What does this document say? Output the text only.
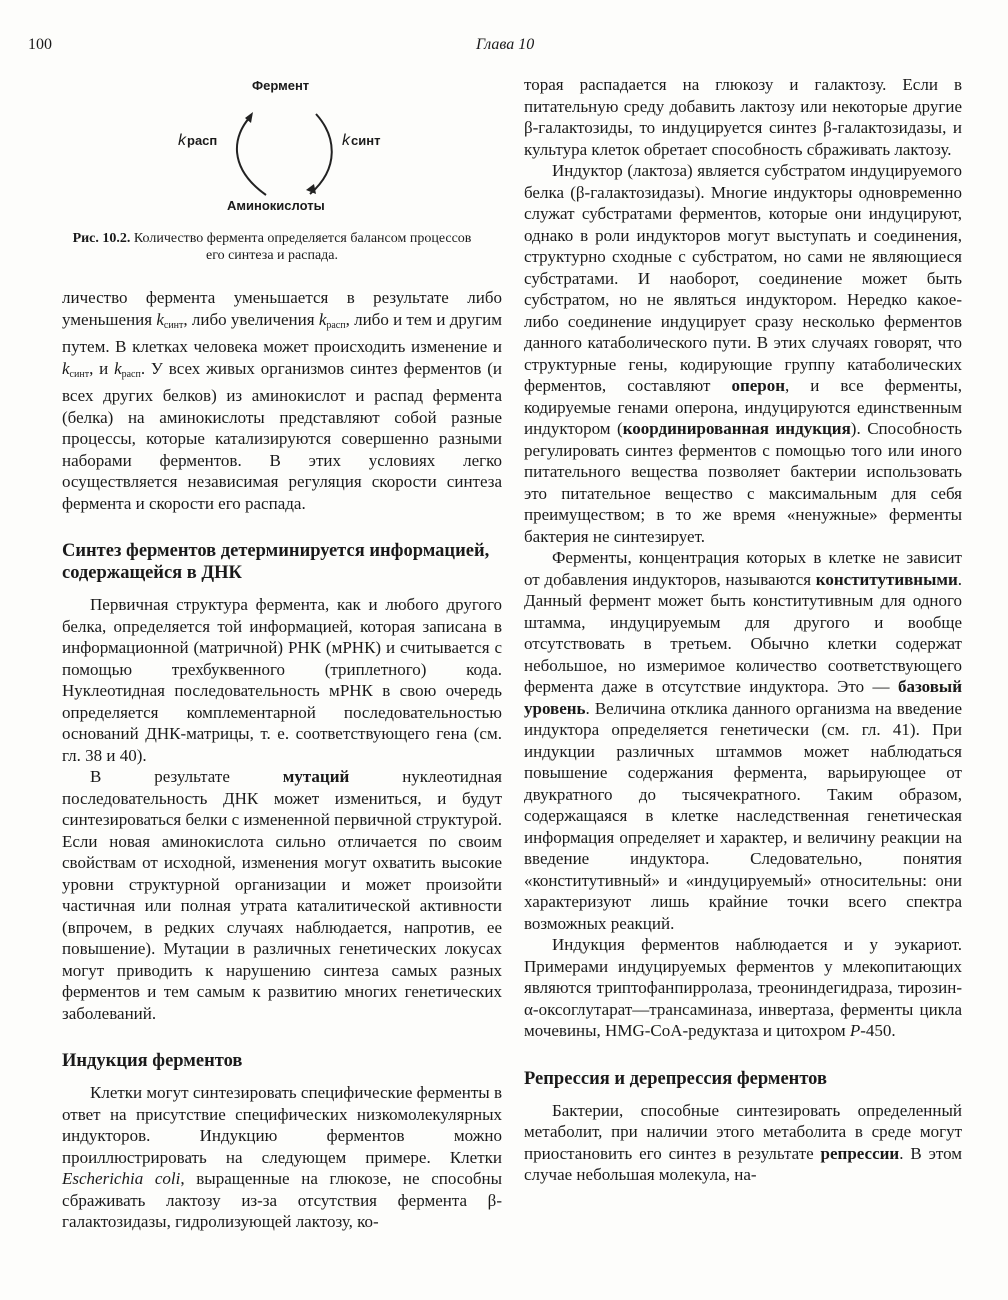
100	Глава 10
Фермент
Аминокислоты
kрасп	kсинт
Рис. 10.2. Количество фермента определяется балансом процессов его синтеза и распада.

личество фермента уменьшается в результате либо уменьшения $k_{синт}$, либо увеличения $k_{расп}$, либо и тем и другим путем. В клетках человека может происходить изменение и $k_{синт}$, и $k_{расп}$. У всех живых организмов синтез ферментов (и всех других белков) из аминокислот и распад фермента (белка) на аминокислоты представляют собой разные процессы, которые катализируются совершенно разными наборами ферментов. В этих условиях легко осуществляется независимая регуляция скорости синтеза фермента и скорости его распада.

Синтез ферментов детерминируется информацией, содержащейся в ДНК

Первичная структура фермента, как и любого другого белка, определяется той информацией, которая записана в информационной (матричной) РНК (мРНК) и считывается с помощью трехбуквенного (триплетного) кода. Нуклеотидная последовательность мРНК в свою очередь определяется комплементарной последовательностью оснований ДНК-матрицы, т. е. соответствующего гена (см. гл. 38 и 40).

В результате мутаций нуклеотидная последовательность ДНК может измениться, и будут синтезироваться белки с измененной первичной структурой. Если новая аминокислота сильно отличается по своим свойствам от исходной, изменения могут охватить высокие уровни структурной организации и может произойти частичная или полная утрата каталитической активности (впрочем, в редких случаях наблюдается, напротив, ее повышение). Мутации в различных генетических локусах могут приводить к нарушению синтеза самых разных ферментов и тем самым к развитию многих генетических заболеваний.

Индукция ферментов

Клетки могут синтезировать специфические ферменты в ответ на присутствие специфических низкомолекулярных индукторов. Индукцию ферментов можно проиллюстрировать на следующем примере. Клетки Escherichia coli, выращенные на глюкозе, не способны сбраживать лактозу из-за отсутствия фермента β-галактозидазы, гидролизующей лактозу, ко-

торая распадается на глюкозу и галактозу. Если в питательную среду добавить лактозу или некоторые другие β-галактозиды, то индуцируется синтез β-галактозидазы, и культура клеток обретает способность сбраживать лактозу.

Индуктор (лактоза) является субстратом индуцируемого белка (β-галактозидазы). Многие индукторы одновременно служат субстратами ферментов, которые они индуцируют, однако в роли индукторов могут выступать и соединения, структурно сходные с субстратом, но сами не являющиеся субстратами. И наоборот, соединение может быть субстратом, но не являться индуктором. Нередко какое-либо соединение индуцирует сразу несколько ферментов данного катаболического пути. В этих случаях говорят, что структурные гены, кодирующие группу катаболических ферментов, составляют оперон, и все ферменты, кодируемые генами оперона, индуцируются единственным индуктором (координированная индукция). Способность регулировать синтез ферментов с помощью того или иного питательного вещества позволяет бактерии использовать это питательное вещество с максимальным для себя преимуществом; в то же время «ненужные» ферменты бактерия не синтезирует.

Ферменты, концентрация которых в клетке не зависит от добавления индукторов, называются конститутивными. Данный фермент может быть конститутивным для одного штамма, индуцируемым для другого и вообще отсутствовать в третьем. Обычно клетки содержат небольшое, но измеримое количество соответствующего фермента даже в отсутствие индуктора. Это — базовый уровень. Величина отклика данного организма на введение индуктора определяется генетически (см. гл. 41). При индукции различных штаммов может наблюдаться повышение содержания фермента, варьирующее от двукратного до тысячекратного. Таким образом, содержащаяся в клетке наследственная генетическая информация определяет и характер, и величину реакции на введение индуктора. Следовательно, понятия «конститутивный» и «индуцируемый» относительны: они характеризуют лишь крайние точки всего спектра возможных реакций.

Индукция ферментов наблюдается и у эукариот. Примерами индуцируемых ферментов у млекопитающих являются триптофанпирролаза, треониндегидраза, тирозин-α-оксоглутарат—трансаминаза, инвертаза, ферменты цикла мочевины, HMG-CoA-редуктаза и цитохром P-450.

Репрессия и дерепрессия ферментов

Бактерии, способные синтезировать определенный метаболит, при наличии этого метаболита в среде могут приостановить его синтез в результате репрессии. В этом случае небольшая молекула, на-
